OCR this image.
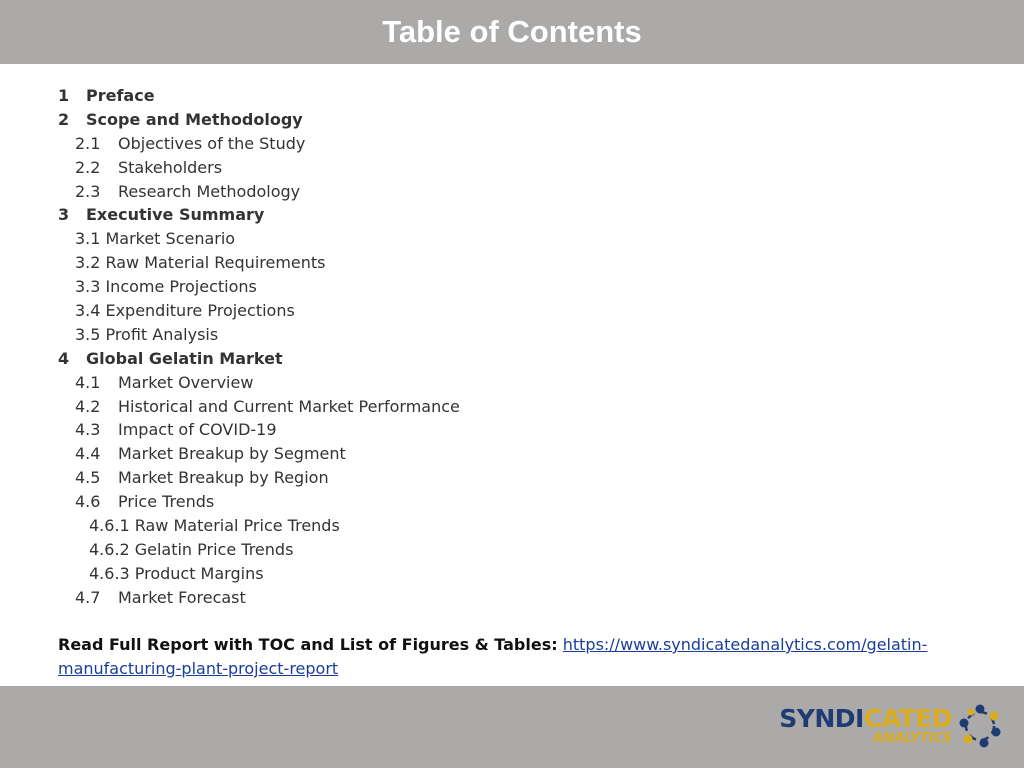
Table of Contents
1 Preface
2 Scope and Methodology
2.1 Objectives of the Study
2.2 Stakeholders
2.3 Research Methodology
3 Executive Summary
3.1 Market Scenario
3.2 Raw Material Requirements
3.3 Income Projections
3.4 Expenditure Projections
3.5 Profit Analysis
4 Global Gelatin Market
4.1 Market Overview
4.2 Historical and Current Market Performance
4.3 Impact of COVID-19
4.4 Market Breakup by Segment
4.5 Market Breakup by Region
4.6 Price Trends
4.6.1 Raw Material Price Trends
4.6.2 Gelatin Price Trends
4.6.3 Product Margins
4.7 Market Forecast
Read Full Report with TOC and List of Figures & Tables: https://www.syndicatedanalytics.com/gelatin-manufacturing-plant-project-report
SYNDICATED
ANALYTICS
